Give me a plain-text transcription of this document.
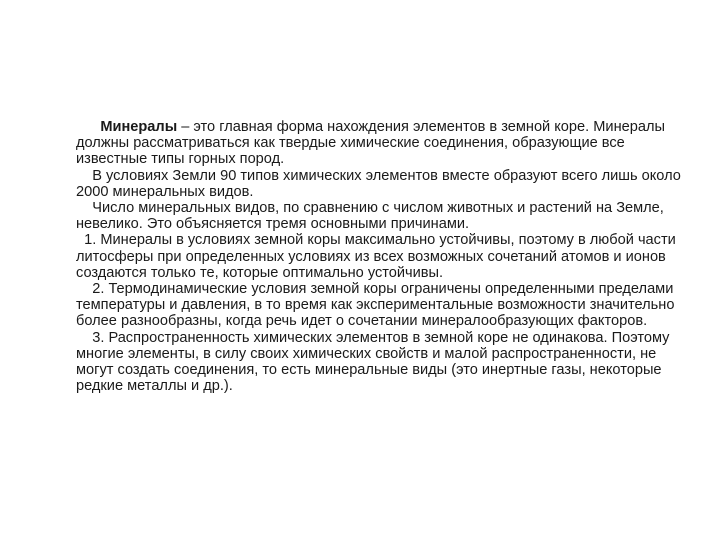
Минералы – это главная форма нахождения элементов в земной коре. Минералы должны рассматриваться как твердые химические соединения, образующие все известные типы горных пород.

В условиях Земли 90 типов химических элементов вместе образуют всего лишь около 2000 минеральных видов.

Число минеральных видов, по сравнению с числом животных и растений на Земле, невелико. Это объясняется тремя основными причинами.

1. Минералы в условиях земной коры максимально устойчивы, поэтому в любой части литосферы при определенных условиях из всех возможных сочетаний атомов и ионов создаются только те, которые оптимально устойчивы.

2. Термодинамические условия земной коры ограничены определенными пределами температуры и давления, в то время как экспериментальные возможности значительно более разнообразны, когда речь идет о сочетании минералообразующих факторов.

3. Распространенность химических элементов в земной коре не одинакова. Поэтому многие элементы, в силу своих химических свойств и малой распространенности, не могут создать соединения, то есть минеральные виды (это инертные газы, некоторые редкие металлы и др.).
